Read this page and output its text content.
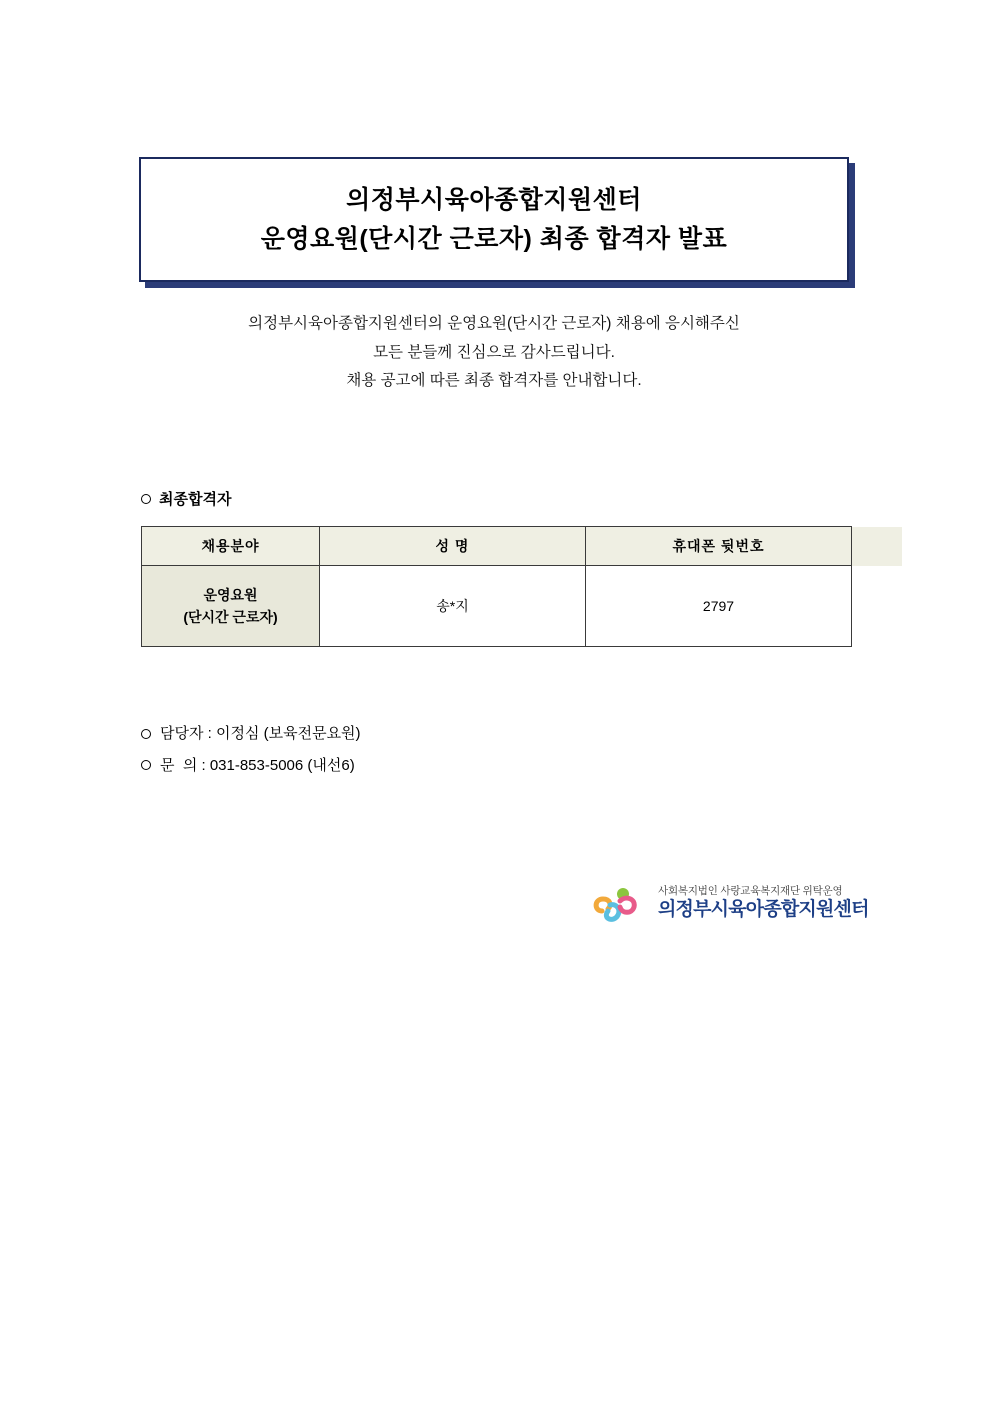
의정부시육아종합지원센터
운영요원(단시간 근로자) 최종 합격자 발표
의정부시육아종합지원센터의 운영요원(단시간 근로자) 채용에 응시해주신
모든 분들께 진심으로 감사드립니다.
채용 공고에 따른 최종 합격자를 안내합니다.
최종합격자
채용분야	성 명	휴대폰 뒷번호	

운영요원
(단시간 근로자)	송*지	2797	
담당자 : 이정심 (보육전문요원)
문  의 : 031-853-5006 (내선6)
사회복지법인 사랑교육복지재단 위탁운영
의정부시육아종합지원센터
